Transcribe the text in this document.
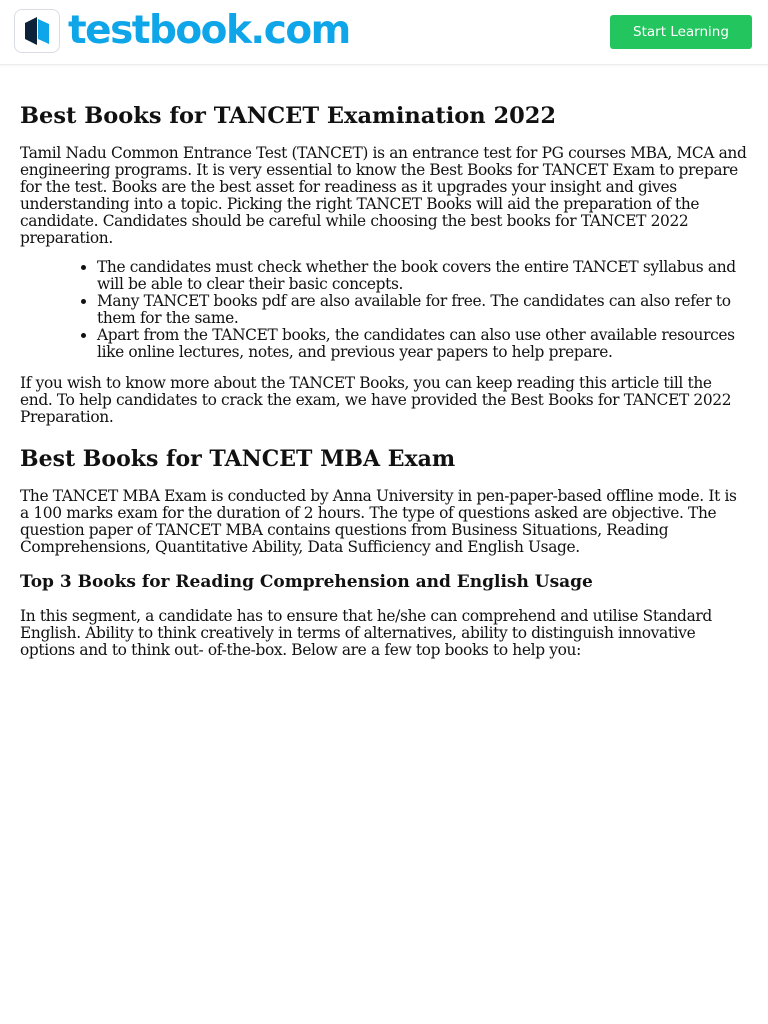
testbook.com	Start Learning
Best Books for TANCET Examination 2022

Tamil Nadu Common Entrance Test (TANCET) is an entrance test for PG courses MBA, MCA and engineering programs. It is very essential to know the Best Books for TANCET Exam to prepare for the test. Books are the best asset for readiness as it upgrades your insight and gives understanding into a topic. Picking the right TANCET Books will aid the preparation of the candidate. Candidates should be careful while choosing the best books for TANCET 2022 preparation.

• The candidates must check whether the book covers the entire TANCET syllabus and will be able to clear their basic concepts.
• Many TANCET books pdf are also available for free. The candidates can also refer to them for the same.
• Apart from the TANCET books, the candidates can also use other available resources like online lectures, notes, and previous year papers to help prepare.

If you wish to know more about the TANCET Books, you can keep reading this article till the end. To help candidates to crack the exam, we have provided the Best Books for TANCET 2022 Preparation.

Best Books for TANCET MBA Exam

The TANCET MBA Exam is conducted by Anna University in pen-paper-based offline mode. It is a 100 marks exam for the duration of 2 hours. The type of questions asked are objective. The question paper of TANCET MBA contains questions from Business Situations, Reading Comprehensions, Quantitative Ability, Data Sufficiency and English Usage.

Top 3 Books for Reading Comprehension and English Usage

In this segment, a candidate has to ensure that he/she can comprehend and utilise Standard English. Ability to think creatively in terms of alternatives, ability to distinguish innovative options and to think out- of-the-box. Below are a few top books to help you:
